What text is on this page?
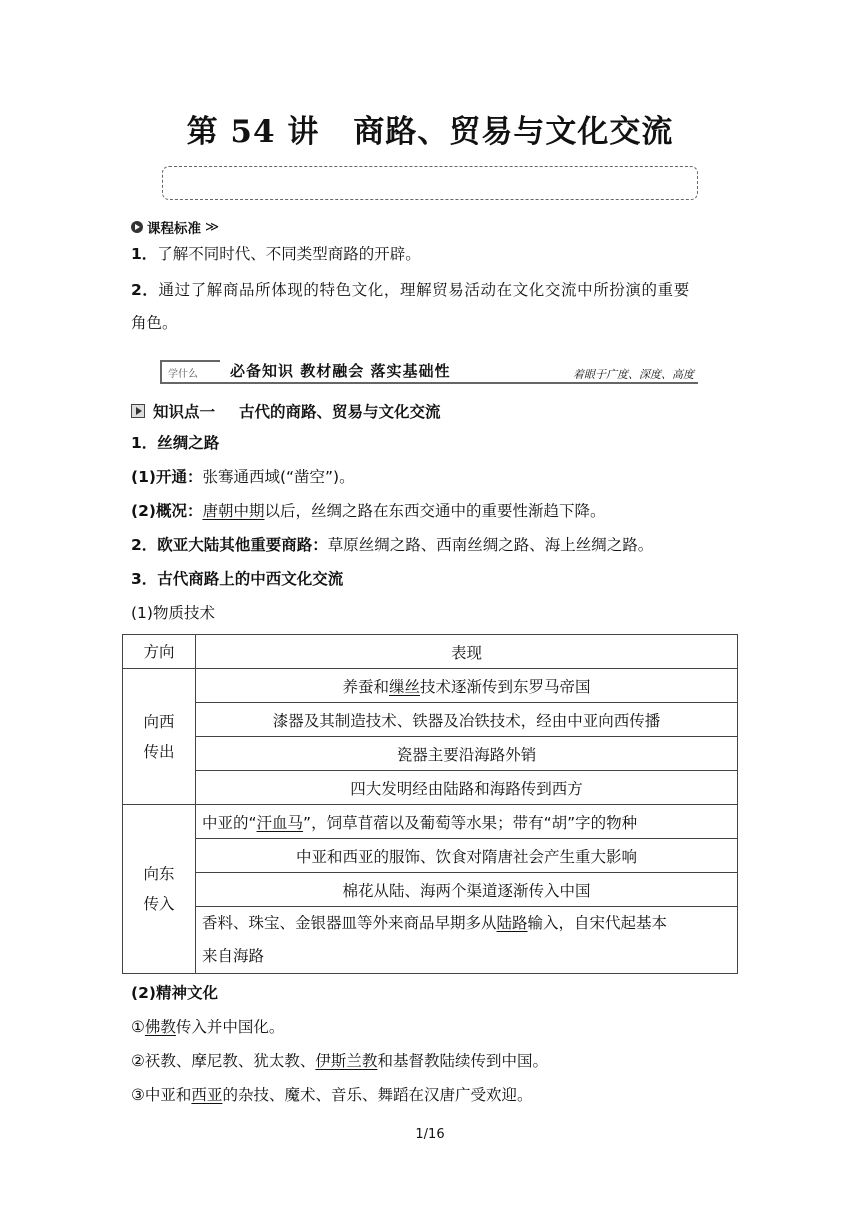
第 54 讲 商路、贸易与文化交流
课程标准 ≫
1．了解不同时代、不同类型商路的开辟。
2．通过了解商品所体现的特色文化，理解贸易活动在文化交流中所扮演的重要
角色。
学什么 必备知识 教材融会 落实基础性	着眼于广度、深度、高度
知识点一 古代的商路、贸易与文化交流
1．丝绸之路
(1)开通：张骞通西域(“凿空”)。
(2)概况：唐朝中期以后，丝绸之路在东西交通中的重要性渐趋下降。
2．欧亚大陆其他重要商路：草原丝绸之路、西南丝绸之路、海上丝绸之路。
3．古代商路上的中西文化交流
(1)物质技术
方向	表现
向西
传出	养蚕和缫丝技术逐渐传到东罗马帝国
	漆器及其制造技术、铁器及冶铁技术，经由中亚向西传播
	瓷器主要沿海路外销
	四大发明经由陆路和海路传到西方
向东
传入	中亚的“汗血马”，饲草苜蓿以及葡萄等水果；带有“胡”字的物种
	中亚和西亚的服饰、饮食对隋唐社会产生重大影响
	棉花从陆、海两个渠道逐渐传入中国
	香料、珠宝、金银器皿等外来商品早期多从陆路输入，自宋代起基本
来自海路
(2)精神文化
①佛教传入并中国化。
②祆教、摩尼教、犹太教、伊斯兰教和基督教陆续传到中国。
③中亚和西亚的杂技、魔术、音乐、舞蹈在汉唐广受欢迎。
1/16
